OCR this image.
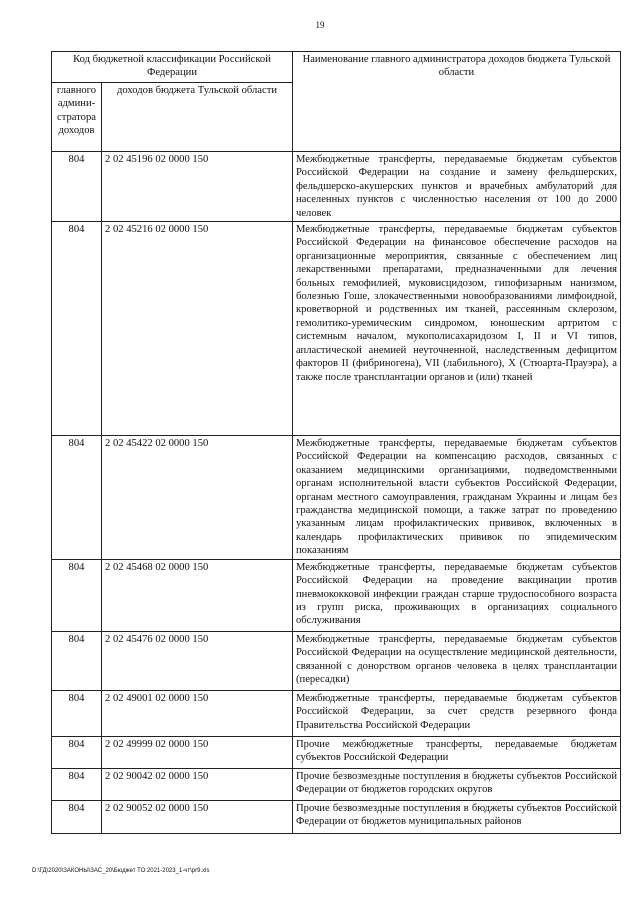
19
Код бюджетной классификации Российской Федерации		Наименование главного администратора доходов бюджета Тульской области
главного админи-стратора доходов	доходов бюджета Тульской области	
804	2 02 45196 02 0000 150	Межбюджетные трансферты, передаваемые бюджетам субъектов Российской Федерации на создание и замену фельдшерских, фельдшерско-акушерских пунктов и врачебных амбулаторий для населенных пунктов с численностью населения от 100 до 2000 человек
804	2 02 45216 02 0000 150	Межбюджетные трансферты, передаваемые бюджетам субъектов Российской Федерации на финансовое обеспечение расходов на организационные мероприятия, связанные с обеспечением лиц лекарственными препаратами, предназначенными для лечения больных гемофилией, муковисцидозом, гипофизарным нанизмом, болезнью Гоше, злокачественными новообразованиями лимфоидной, кроветворной и родственных им тканей, рассеянным склерозом, гемолитико-уремическим синдромом, юношеским артритом с системным началом, мукополисахаридозом I, II и VI типов, апластической анемией неуточненной, наследственным дефицитом факторов II (фибриногена), VII (лабильного), X (Стюарта-Прауэра), а также после трансплантации органов и (или) тканей
804	2 02 45422 02 0000 150	Межбюджетные трансферты, передаваемые бюджетам субъектов Российской Федерации на компенсацию расходов, связанных с оказанием медицинскими организациями, подведомственными органам исполнительной власти субъектов Российской Федерации, органам местного самоуправления, гражданам Украины и лицам без гражданства медицинской помощи, а также затрат по проведению указанным лицам профилактических прививок, включенных в календарь профилактических прививок по эпидемическим показаниям
804	2 02 45468 02 0000 150	Межбюджетные трансферты, передаваемые бюджетам субъектов Российской Федерации на проведение вакцинации против пневмококковой инфекции граждан старше трудоспособного возраста из групп риска, проживающих в организациях социального обслуживания
804	2 02 45476 02 0000 150	Межбюджетные трансферты, передаваемые бюджетам субъектов Российской Федерации на осуществление медицинской деятельности, связанной с донорством органов человека в целях трансплантации (пересадки)
804	2 02 49001 02 0000 150	Межбюджетные трансферты, передаваемые бюджетам субъектов Российской Федерации, за счет средств резервного фонда Правительства Российской Федерации
804	2 02 49999 02 0000 150	Прочие межбюджетные трансферты, передаваемые бюджетам субъектов Российской Федерации
804	2 02 90042 02 0000 150	Прочие безвозмездные поступления в бюджеты субъектов Российской Федерации от бюджетов городских округов
804	2 02 90052 02 0000 150	Прочие безвозмездные поступления в бюджеты субъектов Российской Федерации от бюджетов муниципальных районов
D:\ГД\2020\ЗАКОНЫ\ЗАС_20\Бюджет ТО 2021-2023_1-чт\pr9.xls
